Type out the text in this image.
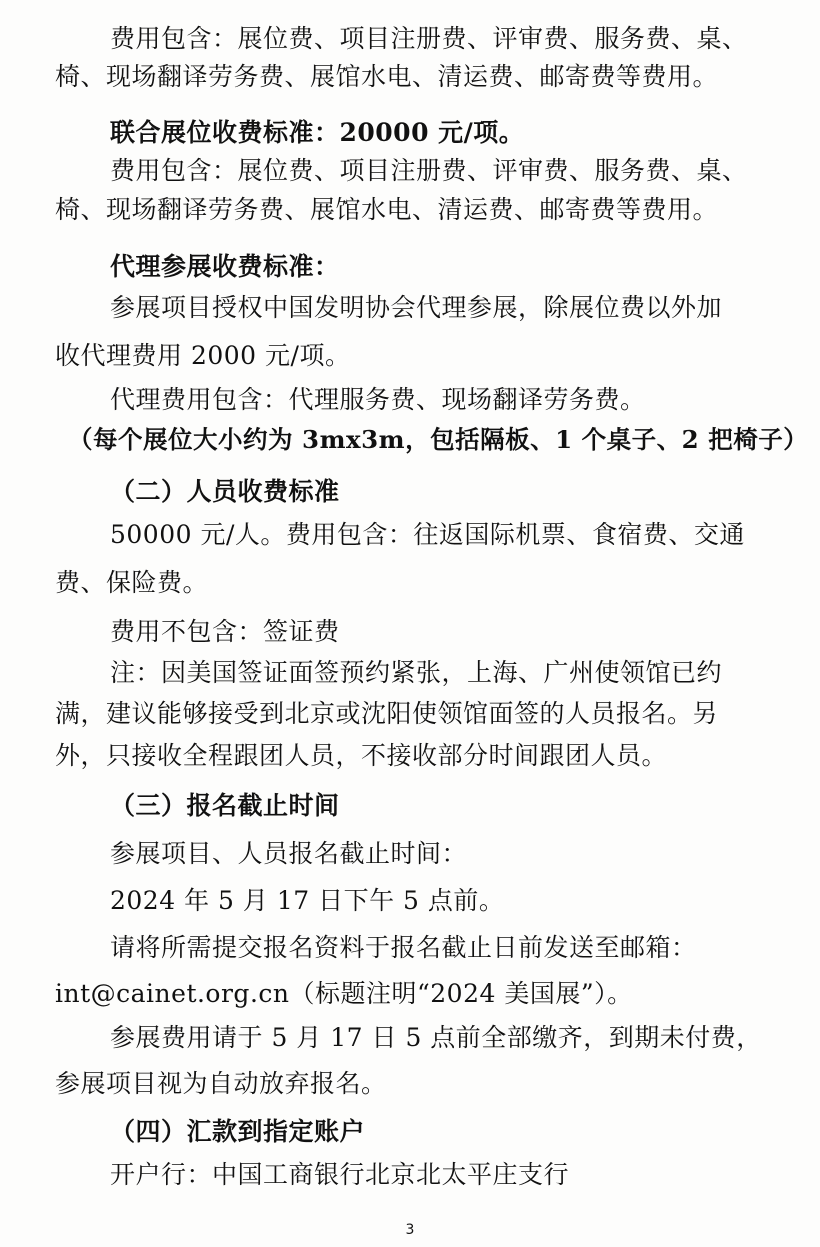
费用包含：展位费、项目注册费、评审费、服务费、桌、
椅、现场翻译劳务费、展馆水电、清运费、邮寄费等费用。
联合展位收费标准：20000 元/项。
费用包含：展位费、项目注册费、评审费、服务费、桌、
椅、现场翻译劳务费、展馆水电、清运费、邮寄费等费用。
代理参展收费标准：
参展项目授权中国发明协会代理参展，除展位费以外加
收代理费用 2000 元/项。
代理费用包含：代理服务费、现场翻译劳务费。
（每个展位大小约为 3mx3m，包括隔板、1 个桌子、2 把椅子）
（二）人员收费标准
50000 元/人。费用包含：往返国际机票、食宿费、交通
费、保险费。
费用不包含：签证费
注：因美国签证面签预约紧张，上海、广州使领馆已约
满，建议能够接受到北京或沈阳使领馆面签的人员报名。另
外，只接收全程跟团人员，不接收部分时间跟团人员。
（三）报名截止时间
参展项目、人员报名截止时间：
2024 年 5 月 17 日下午 5 点前。
请将所需提交报名资料于报名截止日前发送至邮箱：
int@cainet.org.cn（标题注明“2024 美国展”）。
参展费用请于 5 月 17 日 5 点前全部缴齐，到期未付费，
参展项目视为自动放弃报名。
（四）汇款到指定账户
开户行：中国工商银行北京北太平庄支行
3
